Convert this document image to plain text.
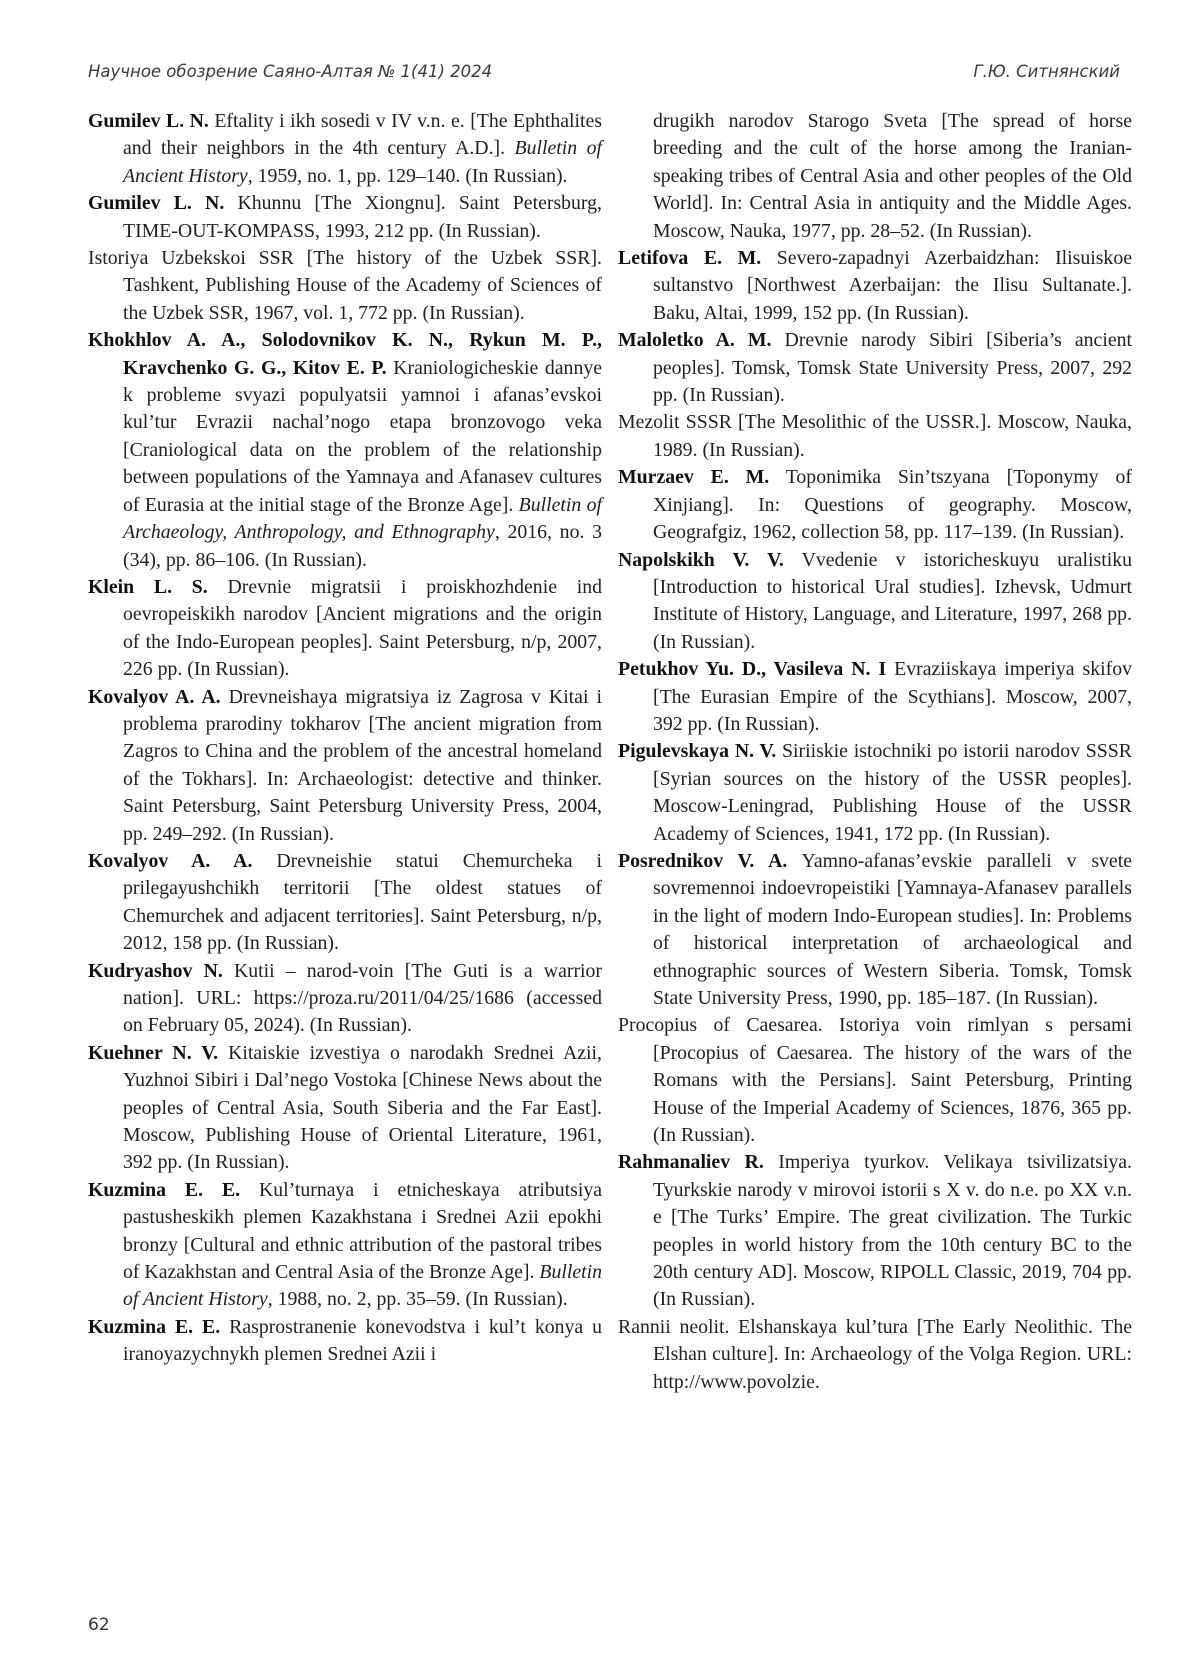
Научное обозрение Саяно-Алтая № 1(41) 2024	Г.Ю. Ситнянский

Gumilev L. N. Eftality i ikh sosedi v IV v.n. e. [The Ephthalites and their neighbors in the 4th century A.D.]. Bulletin of Ancient History, 1959, no. 1, pp. 129–140. (In Russian).

Gumilev L. N. Khunnu [The Xiongnu]. Saint Petersburg, TIME-OUT-KOMPASS, 1993, 212 pp. (In Russian).

Istoriya Uzbekskoi SSR [The history of the Uzbek SSR]. Tashkent, Publishing House of the Academy of Sciences of the Uzbek SSR, 1967, vol. 1, 772 pp. (In Russian).

Khokhlov A. A., Solodovnikov K. N., Rykun M. P., Kravchenko G. G., Kitov E. P. Kraniologicheskie dannye k probleme svyazi populyatsii yamnoi i afanas’evskoi kul’tur Evrazii nachal’nogo etapa bronzovogo veka [Craniological data on the problem of the relationship between populations of the Yamnaya and Afanasev cultures of Eurasia at the initial stage of the Bronze Age]. Bulletin of Archaeology, Anthropology, and Ethnography, 2016, no. 3 (34), pp. 86–106. (In Russian).

Klein L. S. Drevnie migratsii i proiskhozhdenie ind oevropeiskikh narodov [Ancient migrations and the origin of the Indo-European peoples]. Saint Petersburg, n/p, 2007, 226 pp. (In Russian).

Kovalyov A. A. Drevneishaya migratsiya iz Zagrosa v Kitai i problema prarodiny tokharov [The ancient migration from Zagros to China and the problem of the ancestral homeland of the Tokhars]. In: Archaeologist: detective and thinker. Saint Petersburg, Saint Petersburg University Press, 2004, pp. 249–292. (In Russian).

Kovalyov A. A. Drevneishie statui Chemurcheka i prilegayushchikh territorii [The oldest statues of Chemurchek and adjacent territories]. Saint Petersburg, n/p, 2012, 158 pp. (In Russian).

Kudryashov N. Kutii – narod-voin [The Guti is a warrior nation]. URL: https://proza.ru/2011/04/25/1686 (accessed on February 05, 2024). (In Russian).

Kuehner N. V. Kitaiskie izvestiya o narodakh Srednei Azii, Yuzhnoi Sibiri i Dal’nego Vostoka [Chinese News about the peoples of Central Asia, South Siberia and the Far East]. Moscow, Publishing House of Oriental Literature, 1961, 392 pp. (In Russian).

Kuzmina E. E. Kul’turnaya i etnicheskaya atributsiya pastusheskikh plemen Kazakhstana i Srednei Azii epokhi bronzy [Cultural and ethnic attribution of the pastoral tribes of Kazakhstan and Central Asia of the Bronze Age]. Bulletin of Ancient History, 1988, no. 2, pp. 35–59. (In Russian).

Kuzmina E. E. Rasprostranenie konevodstva i kul’t konya u iranoyazychnykh plemen Srednei Azii i

drugikh narodov Starogo Sveta [The spread of horse breeding and the cult of the horse among the Iranian-speaking tribes of Central Asia and other peoples of the Old World]. In: Central Asia in antiquity and the Middle Ages. Moscow, Nauka, 1977, pp. 28–52. (In Russian).

Letifova E. M. Severo-zapadnyi Azerbaidzhan: Ilisuiskoe sultanstvo [Northwest Azerbaijan: the Ilisu Sultanate.]. Baku, Altai, 1999, 152 pp. (In Russian).

Maloletko A. M. Drevnie narody Sibiri [Siberia’s ancient peoples]. Tomsk, Tomsk State University Press, 2007, 292 pp. (In Russian).

Mezolit SSSR [The Mesolithic of the USSR.]. Moscow, Nauka, 1989. (In Russian).

Murzaev E. M. Toponimika Sin’tszyana [Toponymy of Xinjiang]. In: Questions of geography. Moscow, Geografgiz, 1962, collection 58, pp. 117–139. (In Russian).

Napolskikh V. V. Vvedenie v istoricheskuyu uralistiku [Introduction to historical Ural studies]. Izhevsk, Udmurt Institute of History, Language, and Literature, 1997, 268 pp. (In Russian).

Petukhov Yu. D., Vasileva N. I Evraziiskaya imperiya skifov [The Eurasian Empire of the Scythians]. Moscow, 2007, 392 pp. (In Russian).

Pigulevskaya N. V. Siriiskie istochniki po istorii narodov SSSR [Syrian sources on the history of the USSR peoples]. Moscow-Leningrad, Publishing House of the USSR Academy of Sciences, 1941, 172 pp. (In Russian).

Posrednikov V. A. Yamno-afanas’evskie paralleli v svete sovremennoi indoevropeistiki [Yamnaya-Afanasev parallels in the light of modern Indo-European studies]. In: Problems of historical interpretation of archaeological and ethnographic sources of Western Siberia. Tomsk, Tomsk State University Press, 1990, pp. 185–187. (In Russian).

Procopius of Caesarea. Istoriya voin rimlyan s persami [Procopius of Caesarea. The history of the wars of the Romans with the Persians]. Saint Petersburg, Printing House of the Imperial Academy of Sciences, 1876, 365 pp. (In Russian).

Rahmanaliev R. Imperiya tyurkov. Velikaya tsivilizatsiya. Tyurkskie narody v mirovoi istorii s X v. do n.e. po XX v.n. e [The Turks’ Empire. The great civilization. The Turkic peoples in world history from the 10th century BC to the 20th century AD]. Moscow, RIPOLL Classic, 2019, 704 pp. (In Russian).

Rannii neolit. Elshanskaya kul’tura [The Early Neolithic. The Elshan culture]. In: Archaeology of the Volga Region. URL: http://www.povolzie.

62
